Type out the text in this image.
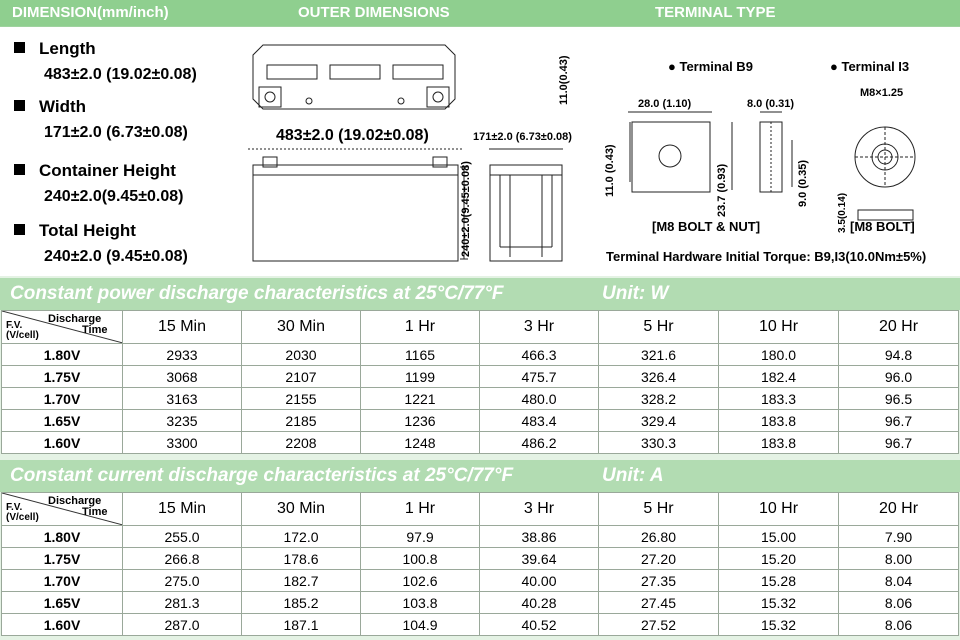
DIMENSION(mm/inch)	OUTER DIMENSIONS	TERMINAL TYPE
Length
483±2.0 (19.02±0.08)
Width
171±2.0 (6.73±0.08)
Container Height
240±2.0(9.45±0.08)
Total Height
240±2.0 (9.45±0.08)
483±2.0 (19.02±0.08)	171±2.0 (6.73±0.08)
240±2.0(9.45±0.08)
11.0(0.43)	● Terminal B9	● Terminal I3
28.0 (1.10)	8.0 (0.31)
11.0 (0.43)	23.7 (0.93)	9.0 (0.35)
M8×1.25
3.5(0.14)
[M8 BOLT & NUT]	[M8 BOLT]
Terminal Hardware Initial Torque: B9,I3(10.0Nm±5%)
Constant power discharge characteristics at 25°C/77°F	Unit: W
Discharge
Time
F.V.
(V/cell)	15 Min	30 Min	1 Hr	3 Hr	5 Hr	10 Hr	20 Hr
1.80V	2933	2030	1165	466.3	321.6	180.0	94.8
1.75V	3068	2107	1199	475.7	326.4	182.4	96.0
1.70V	3163	2155	1221	480.0	328.2	183.3	96.5
1.65V	3235	2185	1236	483.4	329.4	183.8	96.7
1.60V	3300	2208	1248	486.2	330.3	183.8	96.7
Constant current discharge characteristics at 25°C/77°F	Unit: A
Discharge
Time
F.V.
(V/cell)	15 Min	30 Min	1 Hr	3 Hr	5 Hr	10 Hr	20 Hr
1.80V	255.0	172.0	97.9	38.86	26.80	15.00	7.90
1.75V	266.8	178.6	100.8	39.64	27.20	15.20	8.00
1.70V	275.0	182.7	102.6	40.00	27.35	15.28	8.04
1.65V	281.3	185.2	103.8	40.28	27.45	15.32	8.06
1.60V	287.0	187.1	104.9	40.52	27.52	15.32	8.06
